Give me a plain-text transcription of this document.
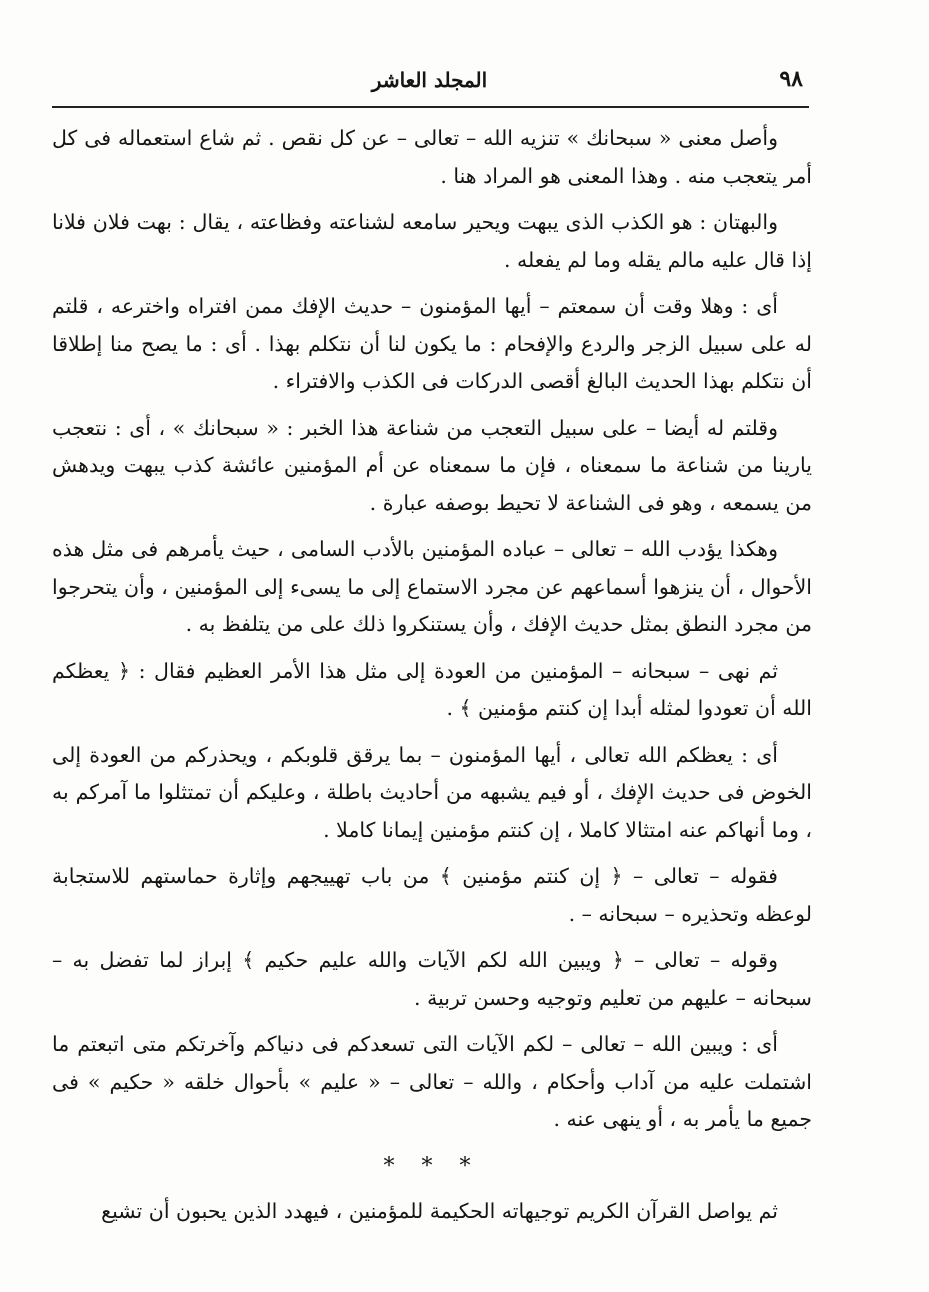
٩٨
المجلد العاشر

وأصل معنى « سبحانك » تنزيه الله – تعالى – عن كل نقص . ثم شاع استعماله فى كل أمر يتعجب منه . وهذا المعنى هو المراد هنا .

والبهتان : هو الكذب الذى يبهت ويحير سامعه لشناعته وفظاعته ، يقال : بهت فلان فلانا إذا قال عليه مالم يقله وما لم يفعله .

أى : وهلا وقت أن سمعتم – أيها المؤمنون – حديث الإفك ممن افتراه واخترعه ، قلتم له على سبيل الزجر والردع والإفحام : ما يكون لنا أن نتكلم بهذا . أى : ما يصح منا إطلاقا أن نتكلم بهذا الحديث البالغ أقصى الدركات فى الكذب والافتراء .

وقلتم له أيضا – على سبيل التعجب من شناعة هذا الخبر : « سبحانك » ، أى : نتعجب يارينا من شناعة ما سمعناه ، فإن ما سمعناه عن أم المؤمنين عائشة كذب يبهت ويدهش من يسمعه ، وهو فى الشناعة لا تحيط بوصفه عبارة .

وهكذا يؤدب الله – تعالى – عباده المؤمنين بالأدب السامى ، حيث يأمرهم فى مثل هذه الأحوال ، أن ينزهوا أسماعهم عن مجرد الاستماع إلى ما يسىء إلى المؤمنين ، وأن يتحرجوا من مجرد النطق بمثل حديث الإفك ، وأن يستنكروا ذلك على من يتلفظ به .

ثم نهى – سبحانه – المؤمنين من العودة إلى مثل هذا الأمر العظيم فقال : ﴿ يعظكم الله أن تعودوا لمثله أبدا إن كنتم مؤمنين ﴾ .

أى : يعظكم الله تعالى ، أيها المؤمنون – بما يرقق قلوبكم ، ويحذركم من العودة إلى الخوض فى حديث الإفك ، أو فيم يشبهه من أحاديث باطلة ، وعليكم أن تمتثلوا ما آمركم به ، وما أنهاكم عنه امتثالا كاملا ، إن كنتم مؤمنين إيمانا كاملا .

فقوله – تعالى – ﴿ إن كنتم مؤمنين ﴾ من باب تهييجهم وإثارة حماستهم للاستجابة لوعظه وتحذيره – سبحانه – .

وقوله – تعالى – ﴿ ويبين الله لكم الآيات والله عليم حكيم ﴾ إبراز لما تفضل به – سبحانه – عليهم من تعليم وتوجيه وحسن تربية .

أى : ويبين الله – تعالى – لكم الآيات التى تسعدكم فى دنياكم وآخرتكم متى اتبعتم ما اشتملت عليه من آداب وأحكام ، والله – تعالى – « عليم » بأحوال خلقه « حكيم » فى جميع ما يأمر به ، أو ينهى عنه .

* * *

ثم يواصل القرآن الكريم توجيهاته الحكيمة للمؤمنين ، فيهدد الذين يحبون أن تشيع
